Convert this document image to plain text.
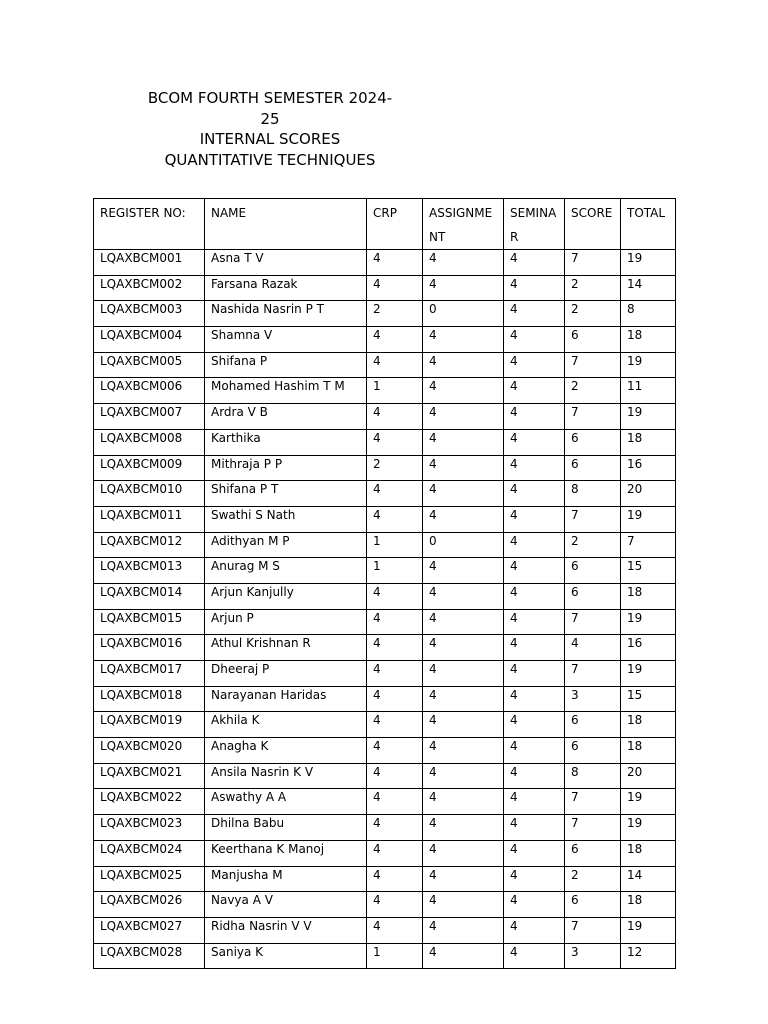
BCOM FOURTH SEMESTER 2024-
25
INTERNAL SCORES
QUANTITATIVE TECHNIQUES
REGISTER NO:	NAME	CRP	ASSIGNMENT	SEMINAR	SCORE	TOTAL
LQAXBCM001	Asna T V	4	4	4	7	19
LQAXBCM002	Farsana Razak	4	4	4	2	14
LQAXBCM003	Nashida Nasrin P T	2	0	4	2	8
LQAXBCM004	Shamna V	4	4	4	6	18
LQAXBCM005	Shifana P	4	4	4	7	19
LQAXBCM006	Mohamed Hashim T M	1	4	4	2	11
LQAXBCM007	Ardra V B	4	4	4	7	19
LQAXBCM008	Karthika	4	4	4	6	18
LQAXBCM009	Mithraja P P	2	4	4	6	16
LQAXBCM010	Shifana P T	4	4	4	8	20
LQAXBCM011	Swathi S Nath	4	4	4	7	19
LQAXBCM012	Adithyan M P	1	0	4	2	7
LQAXBCM013	Anurag M S	1	4	4	6	15
LQAXBCM014	Arjun Kanjully	4	4	4	6	18
LQAXBCM015	Arjun P	4	4	4	7	19
LQAXBCM016	Athul Krishnan R	4	4	4	4	16
LQAXBCM017	Dheeraj P	4	4	4	7	19
LQAXBCM018	Narayanan Haridas	4	4	4	3	15
LQAXBCM019	Akhila K	4	4	4	6	18
LQAXBCM020	Anagha K	4	4	4	6	18
LQAXBCM021	Ansila Nasrin K V	4	4	4	8	20
LQAXBCM022	Aswathy A A	4	4	4	7	19
LQAXBCM023	Dhilna Babu	4	4	4	7	19
LQAXBCM024	Keerthana K Manoj	4	4	4	6	18
LQAXBCM025	Manjusha M	4	4	4	2	14
LQAXBCM026	Navya A V	4	4	4	6	18
LQAXBCM027	Ridha Nasrin V V	4	4	4	7	19
LQAXBCM028	Saniya K	1	4	4	3	12
